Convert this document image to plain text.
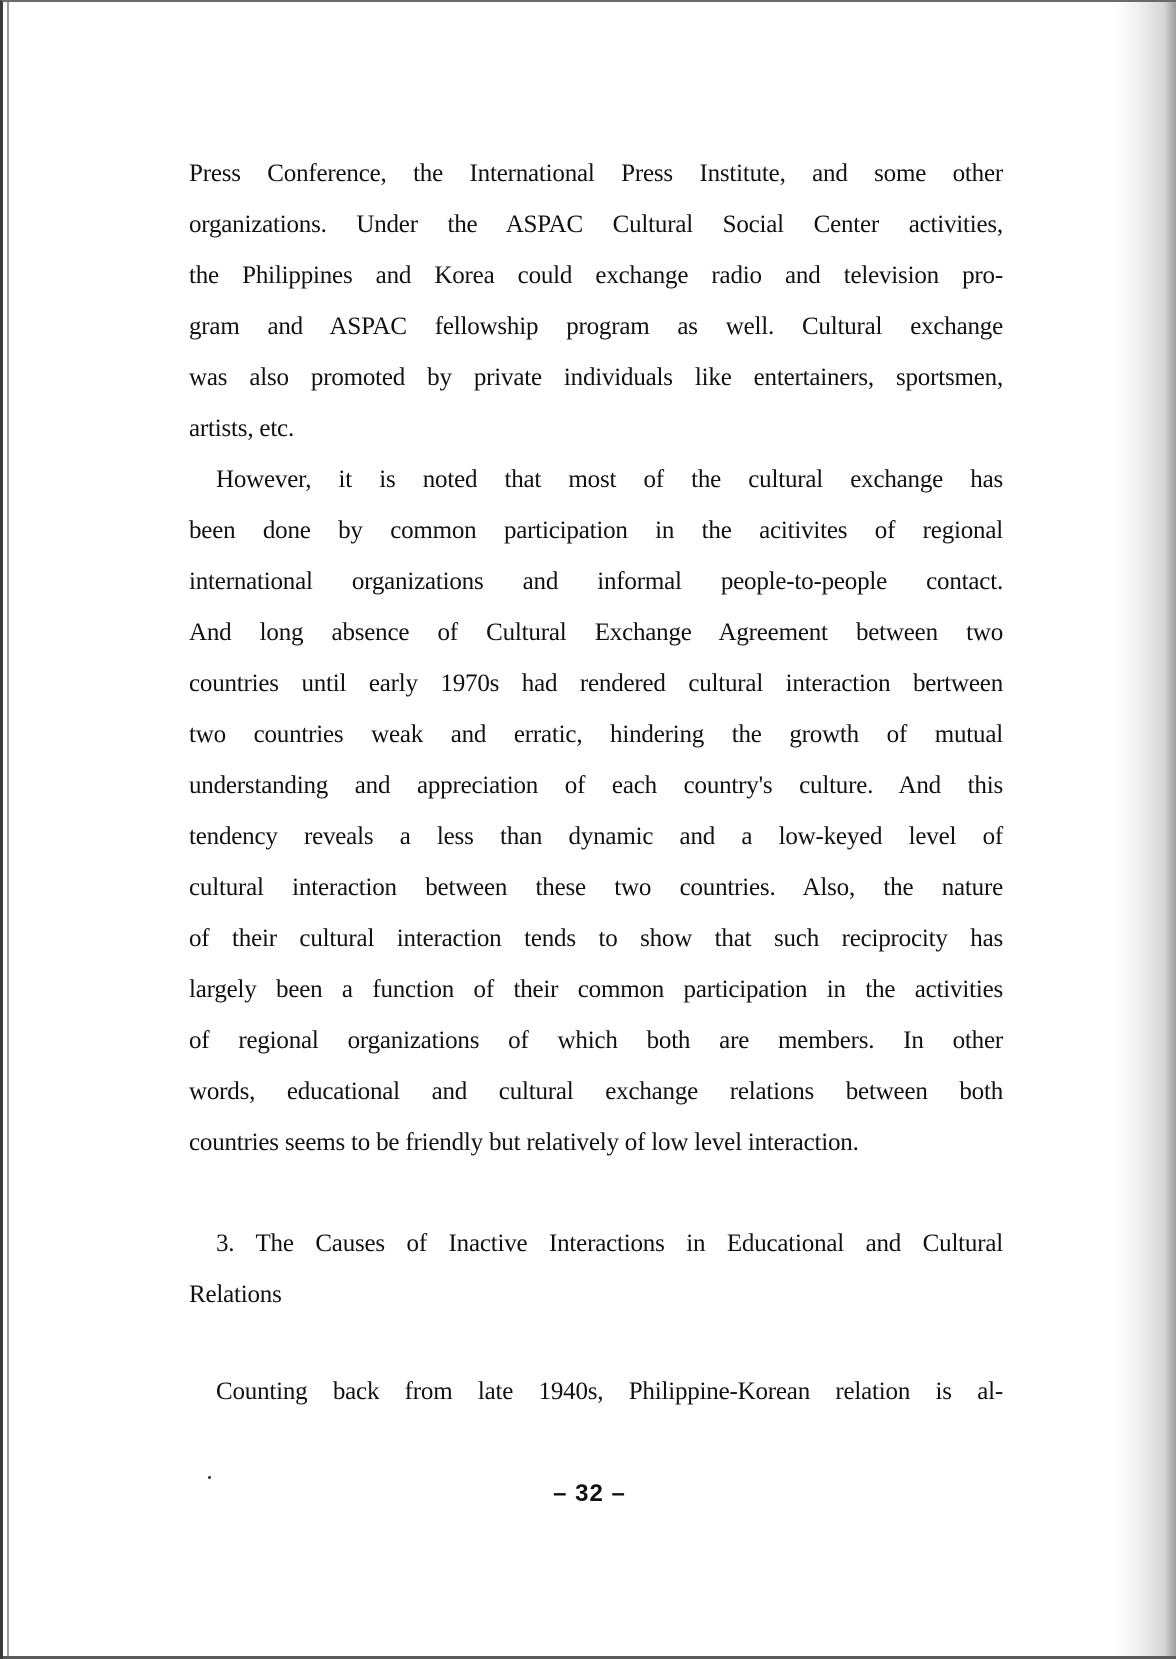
Press Conference, the International Press Institute, and some other
organizations. Under the ASPAC Cultural Social Center activities,
the Philippines and Korea could exchange radio and television pro-
gram and ASPAC fellowship program as well. Cultural exchange
was also promoted by private individuals like entertainers, sportsmen,
artists, etc.
However, it is noted that most of the cultural exchange has
been done by common participation in the acitivites of regional
international organizations and informal people-to-people contact.
And long absence of Cultural Exchange Agreement between two
countries until early 1970s had rendered cultural interaction bertween
two countries weak and erratic, hindering the growth of mutual
understanding and appreciation of each country's culture. And this
tendency reveals a less than dynamic and a low-keyed level of
cultural interaction between these two countries. Also, the nature
of their cultural interaction tends to show that such reciprocity has
largely been a function of their common participation in the activities
of regional organizations of which both are members. In other
words, educational and cultural exchange relations between both
countries seems to be friendly but relatively of low level interaction.
3. The Causes of Inactive Interactions in Educational and Cultural
Relations
Counting back from late 1940s, Philippine-Korean relation is al-
– 32 –
